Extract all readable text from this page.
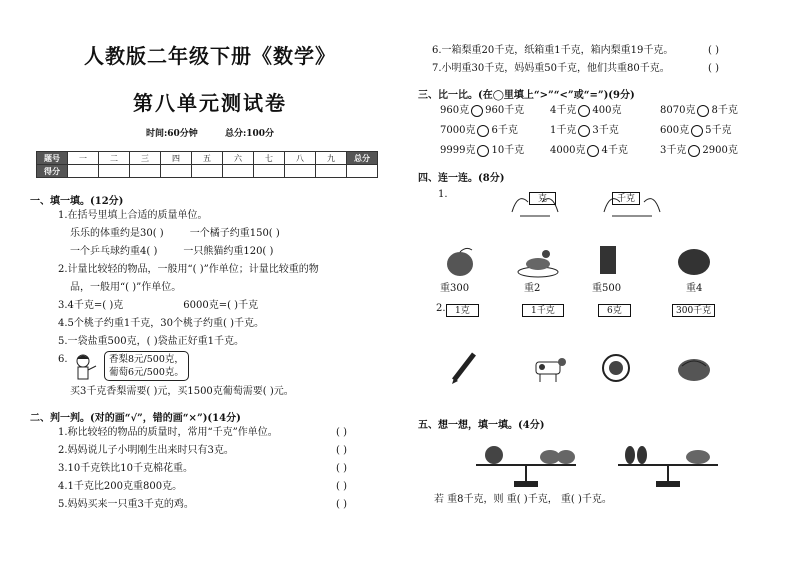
人教版二年级下册《数学》
第八单元测试卷
时间:60分钟	总分:100分
题号	一	二	三	四	五	六	七	八	九	总分
得分										
一、填一填。(12分)
1.在括号里填上合适的质量单位。
乐乐的体重约是30( )	一个橘子约重150( )
一个乒乓球约重4( )	一只熊猫约重120( )
2.计量比较轻的物品，一般用“( )”作单位；计量比较重的物
品，一般用“( )”作单位。
3.4千克=( )克	6000克=( )千克
4.5个桃子约重1千克，30个桃子约重( )千克。
5.一袋盐重500克，( )袋盐正好重1千克。
6.	香梨8元/500克，
葡萄6元/500克。
买3千克香梨需要( )元，买1500克葡萄需要( )元。
二、判一判。(对的画“√”，错的画“×”)(14分)
1.称比较轻的物品的质量时，常用“千克”作单位。	( )
2.妈妈说儿子小明刚生出来时只有3克。	( )
3.10千克铁比10千克棉花重。	( )
4.1千克比200克重800克。	( )
5.妈妈买来一只重3千克的鸡。	( )
6.一箱梨重20千克，纸箱重1千克，箱内梨重19千克。	( )
7.小明重30千克，妈妈重50千克，他们共重80千克。	( )
三、比一比。(在◯里填上“>”“<”或“=”)(9分)
960克 960千克	4千克 400克	8070克 8千克
7000克 6千克	1千克 3千克	600克 5千克
9999克 10千克	4000克 4千克	3千克 2900克
四、连一连。(8分)
1.	克	千克
重300	重2	重500	重4
2.	1克	1千克	6克	300千克
五、想一想，填一填。(4分)
若 重8千克，则 重( )千克， 重( )千克。
